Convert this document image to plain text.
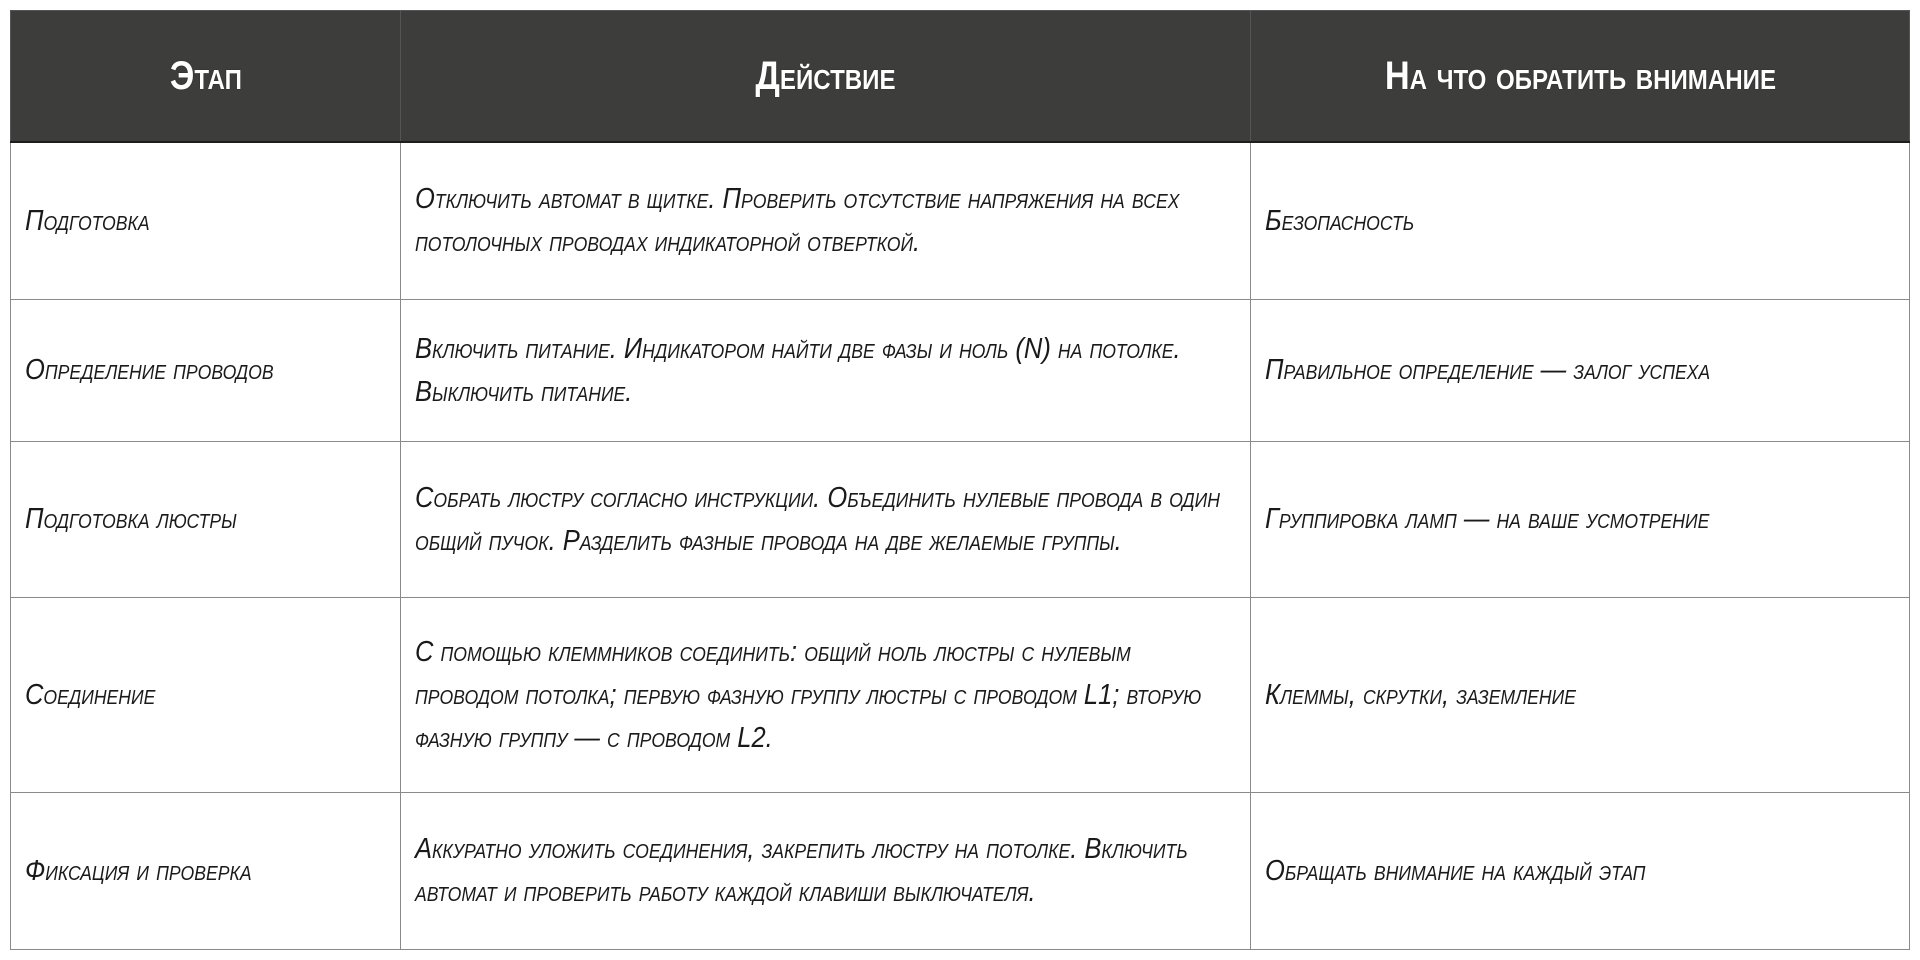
Этап	Действие	На что обратить внимание
Подготовка	Отключить автомат в щитке. Проверить отсутствие напряжения на всех потолочных проводах индикаторной отверткой.	Безопасность
Определение проводов	Включить питание. Индикатором найти две фазы и ноль (N) на потолке. Выключить питание.	Правильное определение — залог успеха
Подготовка люстры	Собрать люстру согласно инструкции. Объединить нулевые провода в один общий пучок. Разделить фазные провода на две желаемые группы.	Группировка ламп — на ваше усмотрение
Соединение	С помощью клеммников соединить: общий ноль люстры с нулевым проводом потолка; первую фазную группу люстры с проводом L1; вторую фазную группу — с проводом L2.	Клеммы, скрутки, заземление
Фиксация и проверка	Аккуратно уложить соединения, закрепить люстру на потолке. Включить автомат и проверить работу каждой клавиши выключателя.	Обращать внимание на каждый этап
